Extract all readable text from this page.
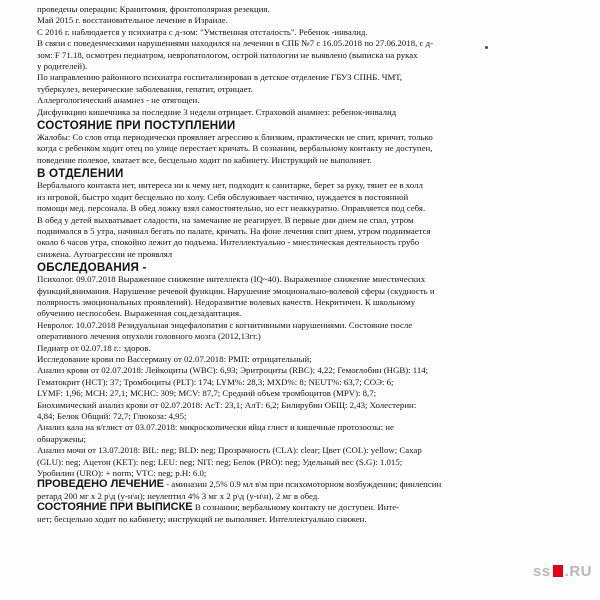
проведены операции: Кранитомия, фронтополярная резекция.

Май 2015 г. восстановительное лечение в Израиле.

С 2016 г. наблюдается у психиатра с д-зом: "Умственная отсталость". Ребенок -инвалид.

В связи с поведенческими нарушениями находился на лечении в СПБ №7 с 16.05.2018 по 27.06.2018, с д-

зом: F 71.18, осмотрен педиатром, невропатологом, острой патологии не выявлено (выписка на руках

у родителей).

По направлению районного психиатра госпитализирован в детское отделение ГБУЗ СПНБ. ЧМТ,

туберкулез, венерические заболевания, гепатит, отрицает.

Аллергологический анамнез - не отягощен.

Дисфункцию кишечника за последние 3 недели отрицает. Страховой анамнез: ребенок-инвалид

СОСТОЯНИЕ ПРИ ПОСТУПЛЕНИИ

Жалобы: Со слов отца периодически проявляет агрессию к близким, практически не спит, кричит, только

когда с ребенком ходит отец по улице перестает кричать. В сознании, вербальному контакту не доступен,

поведение полевое, хватает все, бесцельно ходит по кабинету. Инструкций не выполняет.

В ОТДЕЛЕНИИ

Вербального контакта нет, интереса ни к чему нет, подходит к санитарке, берет за руку, тянет ее в холл

из игровой, быстро ходит бесцельно по холу. Себя обслуживает частично, нуждается в постоянной

помощи мед. персонала. В обед ложку взял самостоятельно, но ест неаккуратно. Оправляется под себя.

В обед у детей выхватывает сладости, на замечание не реагирует. В первые дни днем не спал, утром

поднимался в 5 утра, начинал бегать по палате, кричать. На фоне лечения спит днем, утром поднимается

около 6 часов утра, спокойно лежит до подъема. Интеллектуально - мнестическая деятельность грубо

снижена. Аутоагрессии не проявлял

ОБСЛЕДОВАНИЯ -

Психолог. 09.07.2018 Выраженное снижение интеллекта (IQ~40). Выраженное снижение мнестических

функций,внимания. Нарушение речевой функции. Нарушение эмоционально-волевой сферы (скудность и

полярность эмоциональных проявлений). Недоразвитие волевых качеств. Некритичен. К школьному

обучению неспособен. Выраженная соц.дезадаптация.

Невролог. 10.07.2018 Резидуальная энцефалопатия с когнитивными нарушениями. Состояние после

оперативного лечения опухоли головного мозга (2012,13гг.)

Педиатр от 02.07.18 г.: здоров.

Исследование крови по Вассерману от 02.07.2018: РМП: отрицательный;

Анализ крови от 02.07.2018: Лейкоциты (WBC): 6,93; Эритроциты (RBC): 4,22; Гемоглобин (HGB): 114;

Гематокрит (HCT): 37; Тромбоциты (PLT): 174; LYM%: 28,3; MXD%: 8; NEUT%: 63,7; СОЭ: 6;

LYMF: 1,96; MCH: 27,1; MCHC: 309; MCV: 87,7; Средний объем тромбоцитов (MPV): 8,7;

Биохимический анализ крови от 02.07.2018: АсТ: 23,1; АлТ: 6,2; Билирубин ОБЩ: 2,43; Холестерин:

4,84; Белок Общий: 72,7; Глюкоза: 4,95;

Анализ кала на я/глист от 03.07.2018: микроскопически яйца глист и кишечные протозоозы: не

обнаружены;

Анализ мочи от 13.07.2018: BIL: neg; BLD: neg; Прозрачность (CLA): clear; Цвет (COL): yellow; Сахар

(GLU): neg; Ацетон (KET): neg; LEU: neg; NIT: neg; Белок (PRO): neg; Удельный вес (S.G): 1.015;

Уробилин (URO): + norm; VTC: neg; p.H: 6.0;

ПРОВЕДЕНО ЛЕЧЕНИЕ - аминазин 2,5% 0.9 мл в\м при психомоторном возбуждении; финлепсин

ретард 200 мг х 2 р\д (у-н\н); неулептил 4% 3 мг х 2 р\д (у-н\н), 2 мг в обед.

СОСТОЯНИЕ ПРИ ВЫПИСКЕ В сознании; вербальному контакту не доступен. Инте-

нет; бесцельно ходит по кабинету; инструкций не выполняет. Интеллектуально снижен.

ss .RU
